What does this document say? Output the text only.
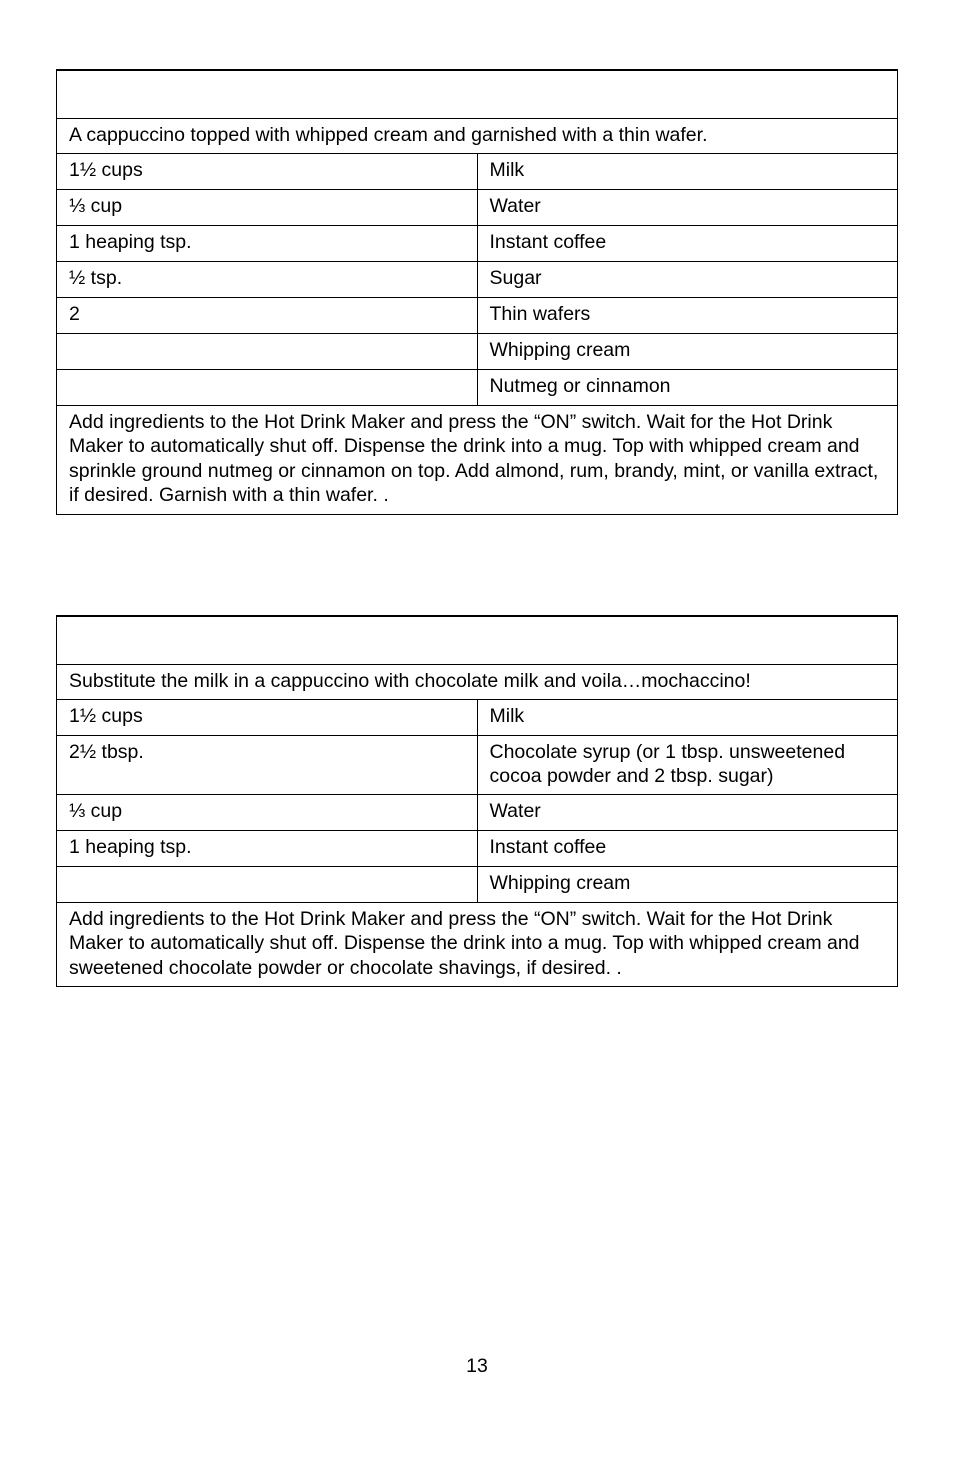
A cappuccino topped with whipped cream and garnished with a thin wafer.	
1½ cups	Milk
⅓ cup	Water
1 heaping tsp.	Instant coffee
½ tsp.	Sugar
2	Thin wafers
	Whipping cream
	Nutmeg or cinnamon
Add ingredients to the Hot Drink Maker and press the “ON” switch. Wait for the Hot Drink Maker to automatically shut off. Dispense the drink into a mug. Top with whipped cream and sprinkle ground nutmeg or cinnamon on top. Add almond, rum, brandy, mint, or vanilla extract, if desired. Garnish with a thin wafer. .	

Substitute the milk in a cappuccino with chocolate milk and voila…mochaccino!	
1½ cups	Milk
2½ tbsp.	Chocolate syrup (or 1 tbsp. unsweetened cocoa powder and 2 tbsp. sugar)
⅓ cup	Water
1 heaping tsp.	Instant coffee
	Whipping cream
Add ingredients to the Hot Drink Maker and press the “ON” switch. Wait for the Hot Drink Maker to automatically shut off. Dispense the drink into a mug. Top with whipped cream and sweetened chocolate powder or chocolate shavings, if desired. .	
13
